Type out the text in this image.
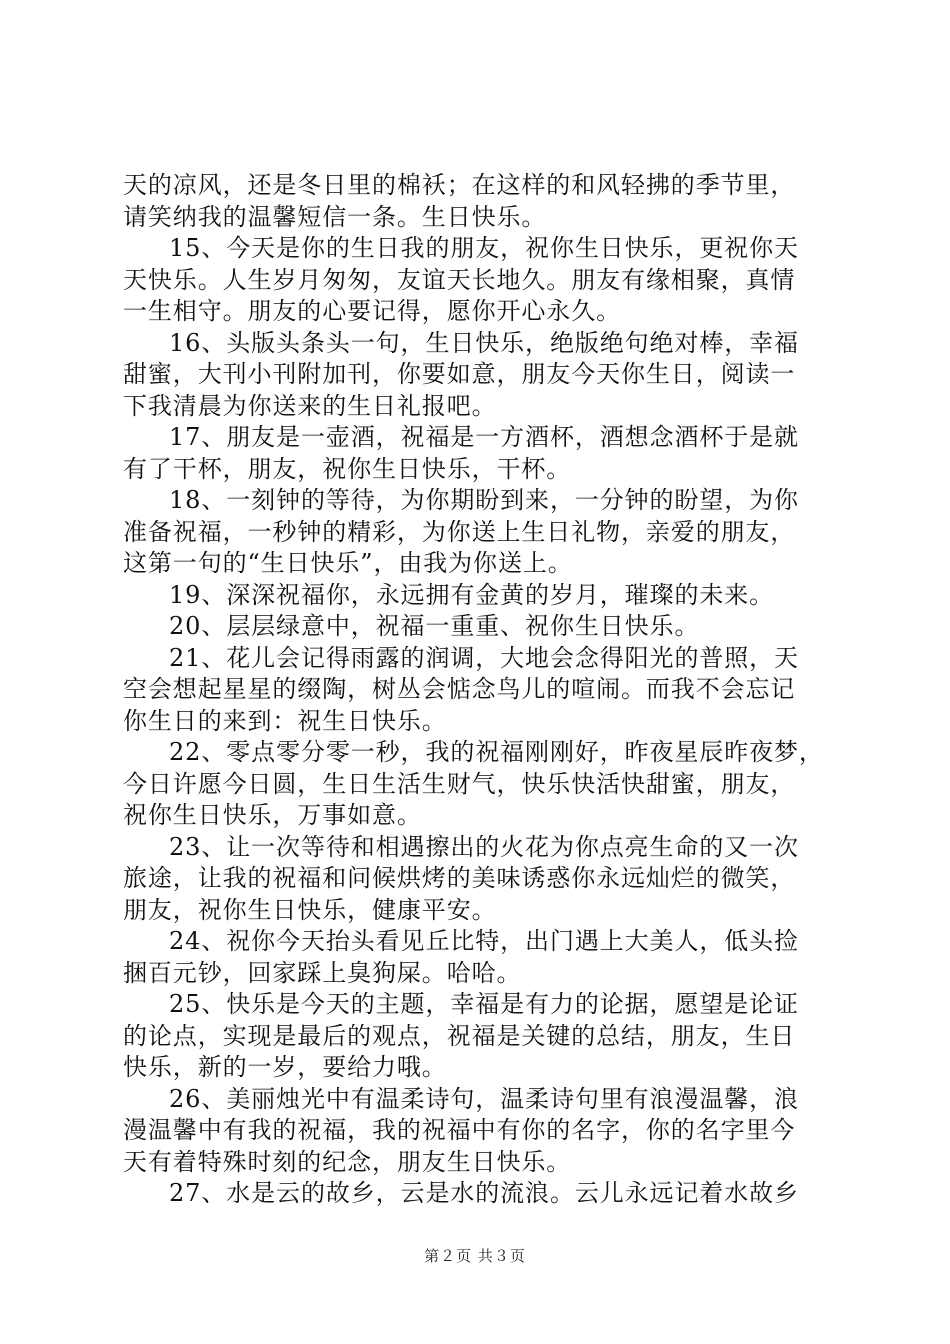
天的凉风，还是冬日里的棉袄；在这样的和风轻拂的季节里，
请笑纳我的温馨短信一条。生日快乐。
15、今天是你的生日我的朋友，祝你生日快乐，更祝你天
天快乐。人生岁月匆匆，友谊天长地久。朋友有缘相聚，真情
一生相守。朋友的心要记得，愿你开心永久。
16、头版头条头一句，生日快乐，绝版绝句绝对棒，幸福
甜蜜，大刊小刊附加刊，你要如意，朋友今天你生日，阅读一
下我清晨为你送来的生日礼报吧。
17、朋友是一壶酒，祝福是一方酒杯，酒想念酒杯于是就
有了干杯，朋友，祝你生日快乐，干杯。
18、一刻钟的等待，为你期盼到来，一分钟的盼望，为你
准备祝福，一秒钟的精彩，为你送上生日礼物，亲爱的朋友，
这第一句的“生日快乐”，由我为你送上。
19、深深祝福你，永远拥有金黄的岁月，璀璨的未来。
20、层层绿意中，祝福一重重、祝你生日快乐。
21、花儿会记得雨露的润调，大地会念得阳光的普照，天
空会想起星星的缀陶，树丛会惦念鸟儿的喧闹。而我不会忘记
你生日的来到：祝生日快乐。
22、零点零分零一秒，我的祝福刚刚好，昨夜星辰昨夜梦，
今日许愿今日圆，生日生活生财气，快乐快活快甜蜜，朋友，
祝你生日快乐，万事如意。
23、让一次等待和相遇擦出的火花为你点亮生命的又一次
旅途，让我的祝福和问候烘烤的美味诱惑你永远灿烂的微笑，
朋友，祝你生日快乐，健康平安。
24、祝你今天抬头看见丘比特，出门遇上大美人，低头捡
捆百元钞，回家踩上臭狗屎。哈哈。
25、快乐是今天的主题，幸福是有力的论据，愿望是论证
的论点，实现是最后的观点，祝福是关键的总结，朋友，生日
快乐，新的一岁，要给力哦。
26、美丽烛光中有温柔诗句，温柔诗句里有浪漫温馨，浪
漫温馨中有我的祝福，我的祝福中有你的名字，你的名字里今
天有着特殊时刻的纪念，朋友生日快乐。
27、水是云的故乡，云是水的流浪。云儿永远记着水故乡
第２页 共３页
